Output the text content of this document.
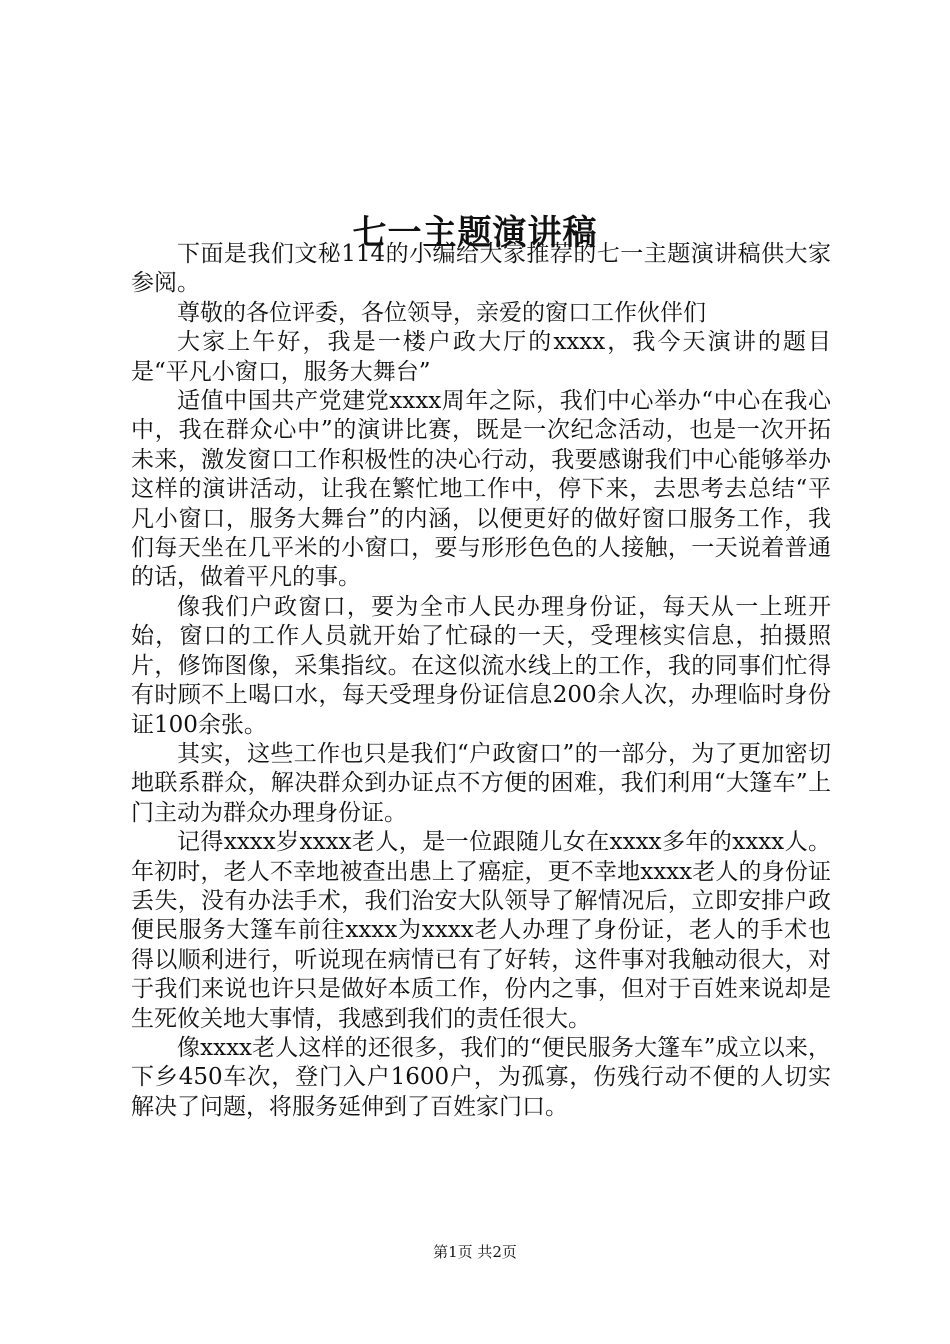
七一主题演讲稿

下面是我们文秘114的小编给大家推荐的七一主题演讲稿供大家参阅。

尊敬的各位评委，各位领导，亲爱的窗口工作伙伴们

大家上午好，我是一楼户政大厅的xxxx，我今天演讲的题目是“平凡小窗口，服务大舞台”

适值中国共产党建党xxxx周年之际，我们中心举办“中心在我心中，我在群众心中”的演讲比赛，既是一次纪念活动，也是一次开拓未来，激发窗口工作积极性的决心行动，我要感谢我们中心能够举办这样的演讲活动，让我在繁忙地工作中，停下来，去思考去总结“平凡小窗口，服务大舞台”的内涵，以便更好的做好窗口服务工作，我们每天坐在几平米的小窗口，要与形形色色的人接触，一天说着普通的话，做着平凡的事。

像我们户政窗口，要为全市人民办理身份证，每天从一上班开始，窗口的工作人员就开始了忙碌的一天，受理核实信息，拍摄照片，修饰图像，采集指纹。在这似流水线上的工作，我的同事们忙得有时顾不上喝口水，每天受理身份证信息200余人次，办理临时身份证100余张。

其实，这些工作也只是我们“户政窗口”的一部分，为了更加密切地联系群众，解决群众到办证点不方便的困难，我们利用“大篷车”上门主动为群众办理身份证。

记得xxxx岁xxxx老人，是一位跟随儿女在xxxx多年的xxxx人。年初时，老人不幸地被查出患上了癌症，更不幸地xxxx老人的身份证丢失，没有办法手术，我们治安大队领导了解情况后，立即安排户政便民服务大篷车前往xxxx为xxxx老人办理了身份证，老人的手术也得以顺利进行，听说现在病情已有了好转，这件事对我触动很大，对于我们来说也许只是做好本质工作，份内之事，但对于百姓来说却是生死攸关地大事情，我感到我们的责任很大。

像xxxx老人这样的还很多，我们的“便民服务大篷车”成立以来，下乡450车次，登门入户1600户，为孤寡，伤残行动不便的人切实解决了问题，将服务延伸到了百姓家门口。

第1页 共2页
